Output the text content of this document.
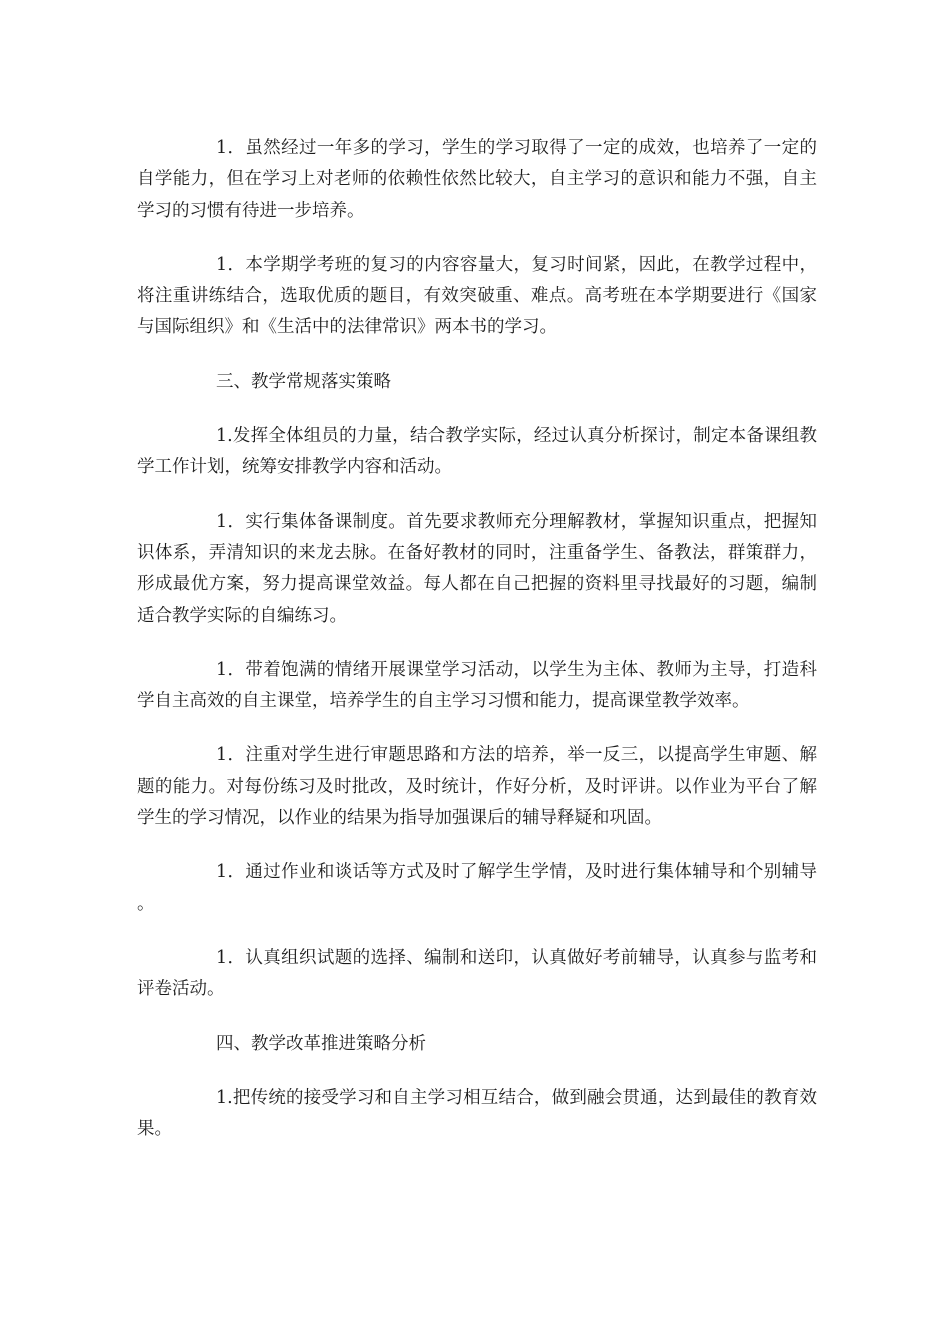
1．虽然经过一年多的学习，学生的学习取得了一定的成效，也培养了一定的自学能力，但在学习上对老师的依赖性依然比较大，自主学习的意识和能力不强，自主学习的习惯有待进一步培养。

1．本学期学考班的复习的内容容量大，复习时间紧，因此，在教学过程中，将注重讲练结合，选取优质的题目，有效突破重、难点。高考班在本学期要进行《国家与国际组织》和《生活中的法律常识》两本书的学习。

三、教学常规落实策略

1.发挥全体组员的力量，结合教学实际，经过认真分析探讨，制定本备课组教学工作计划，统筹安排教学内容和活动。

1．实行集体备课制度。首先要求教师充分理解教材，掌握知识重点，把握知识体系，弄清知识的来龙去脉。在备好教材的同时，注重备学生、备教法，群策群力，形成最优方案，努力提高课堂效益。每人都在自己把握的资料里寻找最好的习题，编制适合教学实际的自编练习。

1．带着饱满的情绪开展课堂学习活动，以学生为主体、教师为主导，打造科学自主高效的自主课堂，培养学生的自主学习习惯和能力，提高课堂教学效率。

1．注重对学生进行审题思路和方法的培养，举一反三，以提高学生审题、解题的能力。对每份练习及时批改，及时统计，作好分析，及时评讲。以作业为平台了解学生的学习情况，以作业的结果为指导加强课后的辅导释疑和巩固。

1．通过作业和谈话等方式及时了解学生学情，及时进行集体辅导和个别辅导。

1．认真组织试题的选择、编制和送印，认真做好考前辅导，认真参与监考和评卷活动。

四、教学改革推进策略分析

1.把传统的接受学习和自主学习相互结合，做到融会贯通，达到最佳的教育效果。
